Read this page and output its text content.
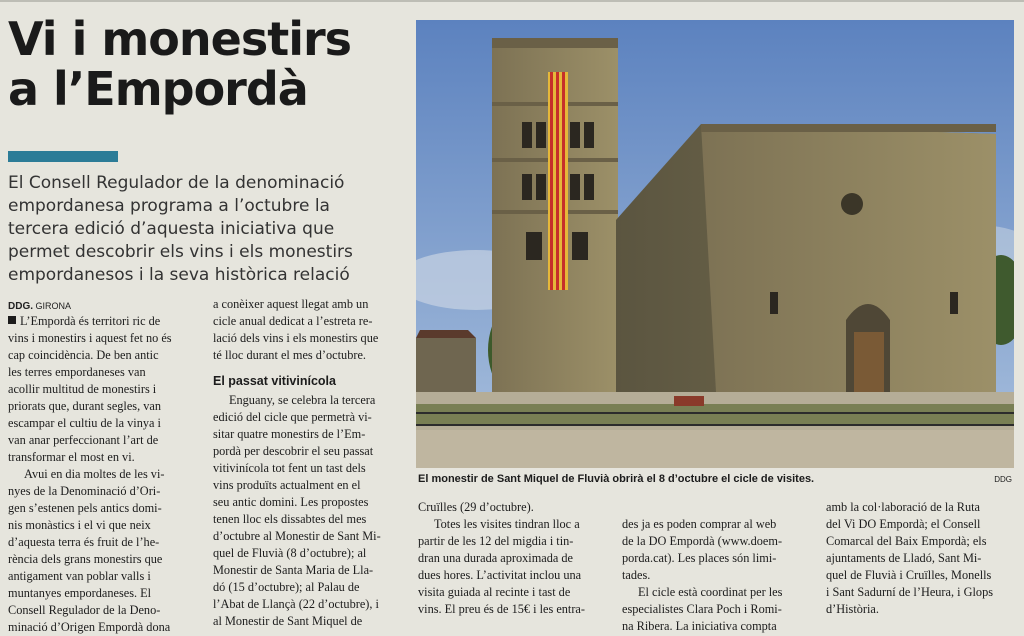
Vi i monestirs
a l’Empordà
El Consell Regulador de la denominació
empordanesa programa a l’octubre la
tercera edició d’aquesta iniciativa que
permet descobrir els vins i els monestirs
empordanesos i la seva històrica relació
DDG. GIRONA
L’Empordà és territori ric de
vins i monestirs i aquest fet no és
cap coincidència. De ben antic
les terres empordaneses van
acollir multitud de monestirs i
priorats que, durant segles, van
escampar el cultiu de la vinya i
van anar perfeccionant l’art de
transformar el most en vi.
Avui en dia moltes de les vi-
nyes de la Denominació d’Ori-
gen s’estenen pels antics domi-
nis monàstics i el vi que neix
d’aquesta terra és fruit de l’he-
rència dels grans monestirs que
antigament van poblar valls i
muntanyes empordaneses. El
Consell Regulador de la Deno-
minació d’Origen Empordà dona
a conèixer aquest llegat amb un
cicle anual dedicat a l’estreta re-
lació dels vins i els monestirs que
té lloc durant el mes d’octubre.
El passat vitivinícola
Enguany, se celebra la tercera
edició del cicle que permetrà vi-
sitar quatre monestirs de l’Em-
pordà per descobrir el seu passat
vitivinícola tot fent un tast dels
vins produïts actualment en el
seu antic domini. Les propostes
tenen lloc els dissabtes del mes
d’octubre al Monestir de Sant Mi-
quel de Fluvià (8 d’octubre); al
Monestir de Santa Maria de Lla-
dó (15 d’octubre); al Palau de
l’Abat de Llançà (22 d’octubre), i
al Monestir de Sant Miquel de
El monestir de Sant Miquel de Fluvià obrirà el 8 d’octubre el cicle de visites.	DDG
Cruïlles (29 d’octubre).
Totes les visites tindran lloc a
partir de les 12 del migdia i tin-
dran una durada aproximada de
dues hores. L’activitat inclou una
visita guiada al recinte i tast de
vins. El preu és de 15€ i les entra-
des ja es poden comprar al web
de la DO Empordà (www.doem-
porda.cat). Les places són limi-
tades.
El cicle està coordinat per les
especialistes Clara Poch i Romi-
na Ribera. La iniciativa compta
amb la col·laboració de la Ruta
del Vi DO Empordà; el Consell
Comarcal del Baix Empordà; els
ajuntaments de Lladó, Sant Mi-
quel de Fluvià i Cruïlles, Monells
i Sant Sadurní de l’Heura, i Glops
d’Història.
